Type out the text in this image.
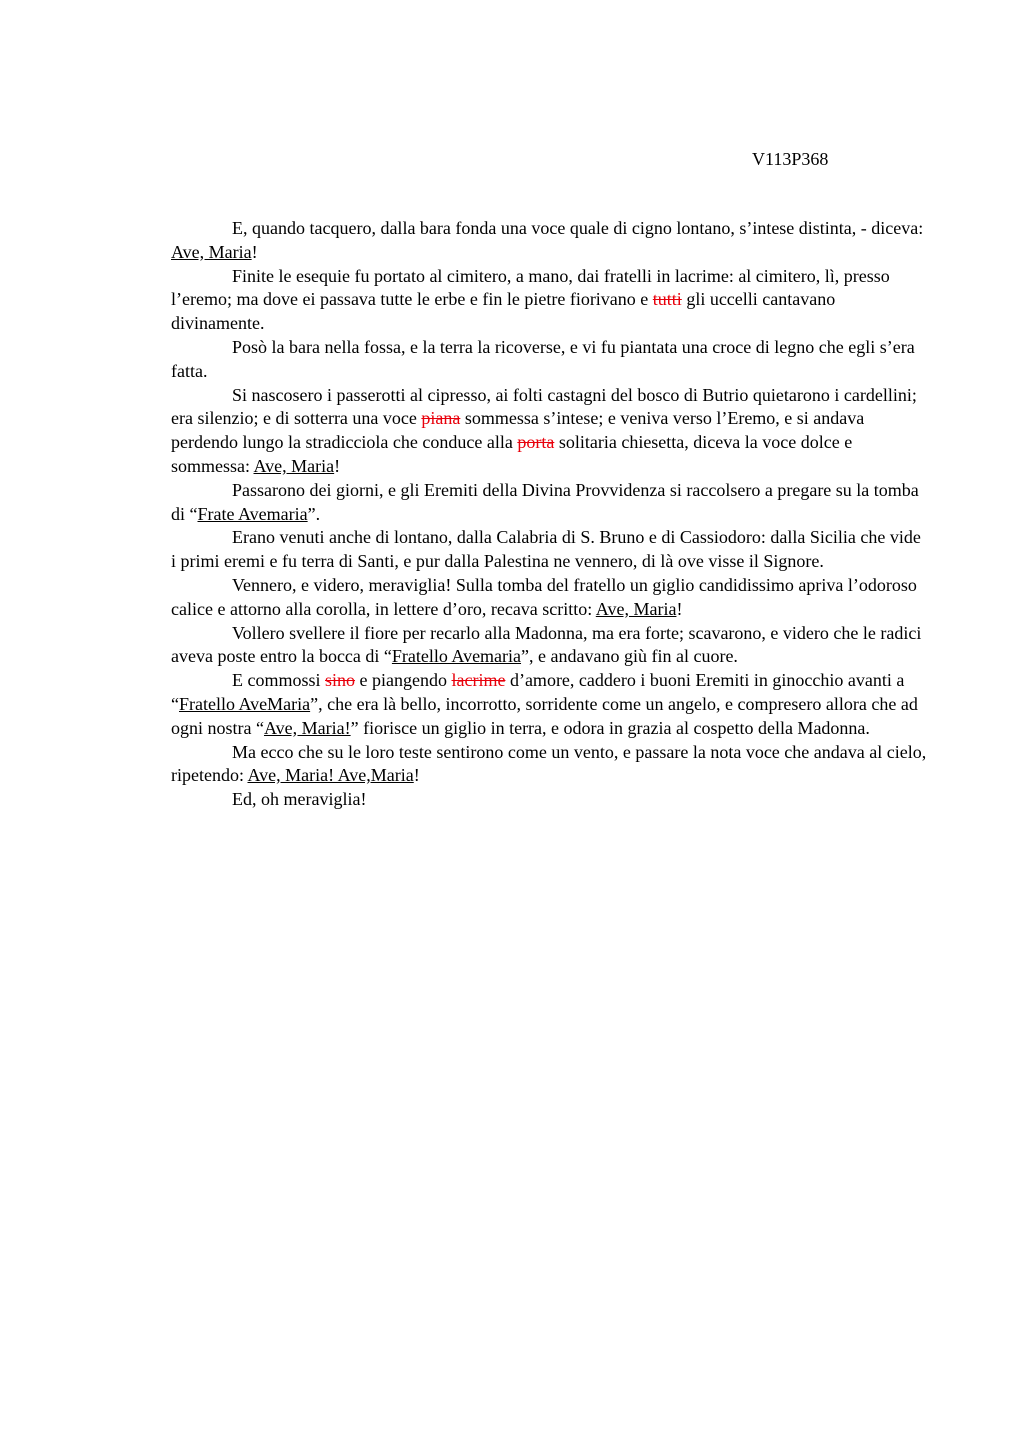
V113P368

E, quando tacquero, dalla bara fonda una voce quale di cigno lontano, s’intese distinta, - diceva: Ave, Maria!

Finite le esequie fu portato al cimitero, a mano, dai fratelli in lacrime: al cimitero, lì, presso l’eremo; ma dove ei passava tutte le erbe e fin le pietre fiorivano e tutti gli uccelli cantavano divinamente.

Posò la bara nella fossa, e la terra la ricoverse, e vi fu piantata una croce di legno che egli s’era fatta.

Si nascosero i passerotti al cipresso, ai folti castagni del bosco di Butrio quietarono i cardellini; era silenzio; e di sotterra una voce piana sommessa s’intese; e veniva verso l’Eremo, e si andava perdendo lungo la stradicciola che conduce alla porta solitaria chiesetta, diceva la voce dolce e sommessa: Ave, Maria!

Passarono dei giorni, e gli Eremiti della Divina Provvidenza si raccolsero a pregare su la tomba di “Frate Avemaria”.

Erano venuti anche di lontano, dalla Calabria di S. Bruno e di Cassiodoro: dalla Sicilia che vide i primi eremi e fu terra di Santi, e pur dalla Palestina ne vennero, di là ove visse il Signore.

Vennero, e videro, meraviglia! Sulla tomba del fratello un giglio candidissimo apriva l’odoroso calice e attorno alla corolla, in lettere d’oro, recava scritto: Ave, Maria!

Vollero svellere il fiore per recarlo alla Madonna, ma era forte; scavarono, e videro che le radici aveva poste entro la bocca di “Fratello Avemaria”, e andavano giù fin al cuore.

E commossi sino e piangendo lacrime d’amore, caddero i buoni Eremiti in ginocchio avanti a “Fratello AveMaria”, che era là bello, incorrotto, sorridente come un angelo, e compresero allora che ad ogni nostra “Ave, Maria!” fiorisce un giglio in terra, e odora in grazia al cospetto della Madonna.

Ma ecco che su le loro teste sentirono come un vento, e passare la nota voce che andava al cielo, ripetendo: Ave, Maria! Ave,Maria!

Ed, oh meraviglia!
